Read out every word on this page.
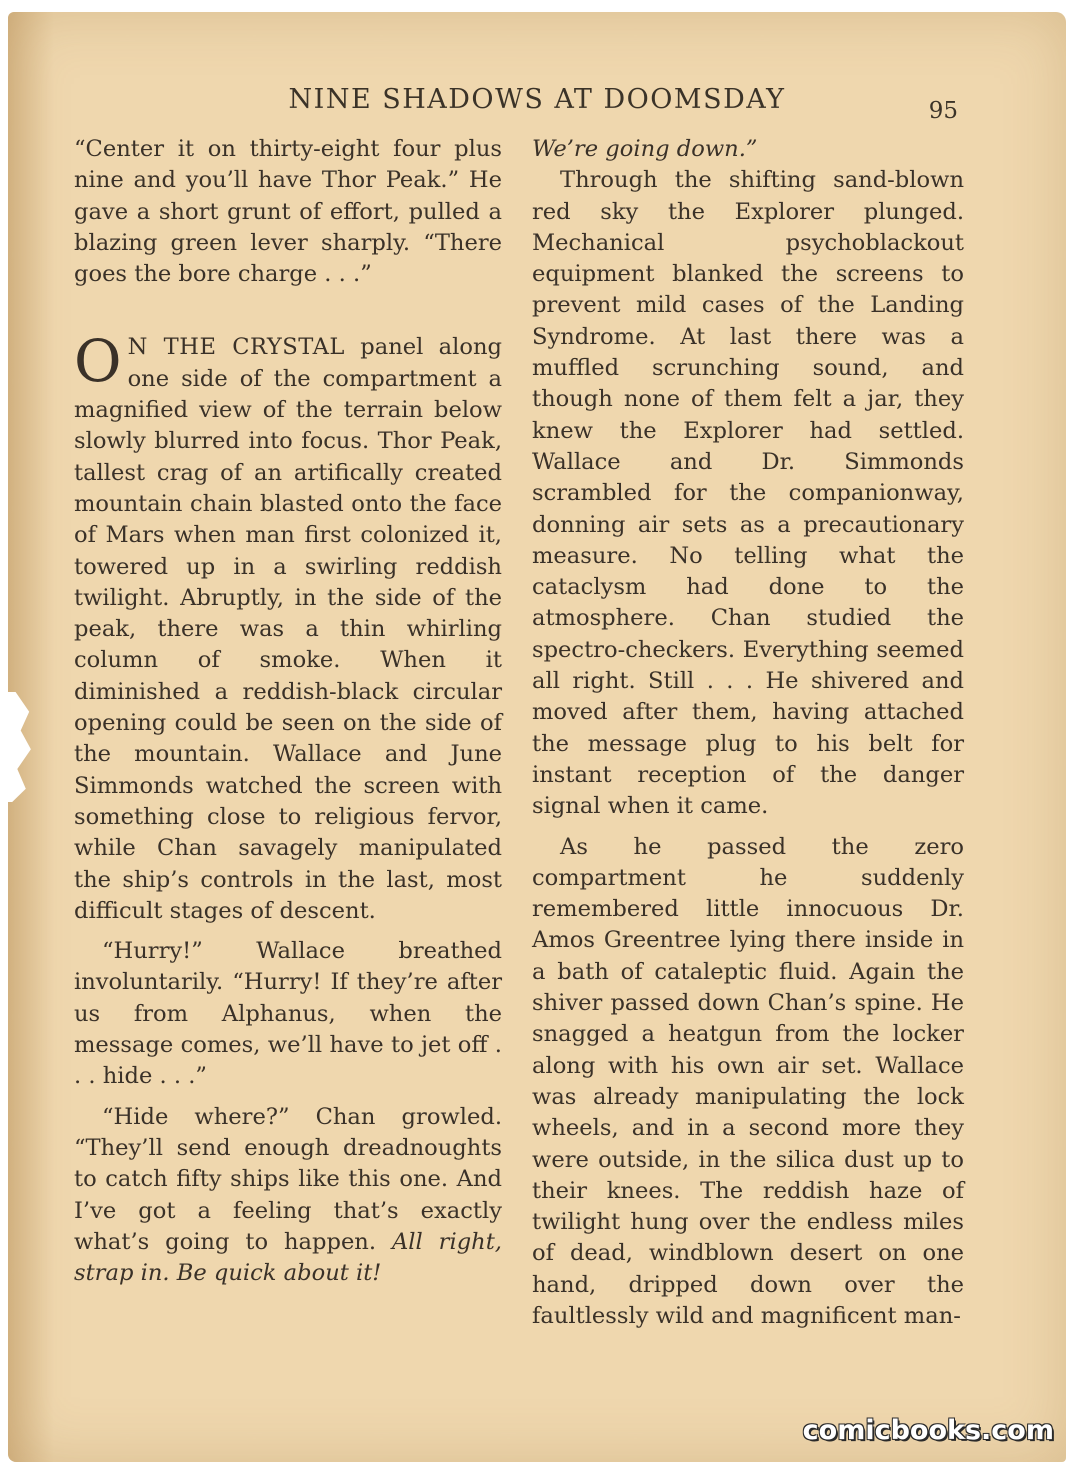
NINE SHADOWS AT DOOMSDAY	95

“Center it on thirty-eight four plus nine and you’ll have Thor Peak.” He gave a short grunt of effort, pulled a blazing green lever sharply. “There goes the bore charge . . .”

O N THE CRYSTAL panel along one side of the compartment a magnified view of the terrain below slowly blurred into focus. Thor Peak, tallest crag of an artifically created mountain chain blasted onto the face of Mars when man first colonized it, towered up in a swirling reddish twilight. Abruptly, in the side of the peak, there was a thin whirling column of smoke. When it diminished a reddish-black circular opening could be seen on the side of the mountain. Wallace and June Simmonds watched the screen with something close to religious fervor, while Chan savagely manipulated the ship’s controls in the last, most difficult stages of descent.

“Hurry!” Wallace breathed involuntarily. “Hurry! If they’re after us from Alphanus, when the message comes, we’ll have to jet off . . . hide . . .”

“Hide where?” Chan growled. “They’ll send enough dreadnoughts to catch fifty ships like this one. And I’ve got a feeling that’s exactly what’s going to happen. All right, strap in. Be quick about it!

We’re going down.”

Through the shifting sand-blown red sky the Explorer plunged. Mechanical psychoblackout equipment blanked the screens to prevent mild cases of the Landing Syndrome. At last there was a muffled scrunching sound, and though none of them felt a jar, they knew the Explorer had settled. Wallace and Dr. Simmonds scrambled for the companionway, donning air sets as a precautionary measure. No telling what the cataclysm had done to the atmosphere. Chan studied the spectro-checkers. Everything seemed all right. Still . . . He shivered and moved after them, having attached the message plug to his belt for instant reception of the danger signal when it came.

As he passed the zero compartment he suddenly remembered little innocuous Dr. Amos Greentree lying there inside in a bath of cataleptic fluid. Again the shiver passed down Chan’s spine. He snagged a heatgun from the locker along with his own air set. Wallace was already manipulating the lock wheels, and in a second more they were outside, in the silica dust up to their knees. The reddish haze of twilight hung over the endless miles of dead, windblown desert on one hand, dripped down over the faultlessly wild and magnificent man-

comicbooks.com
